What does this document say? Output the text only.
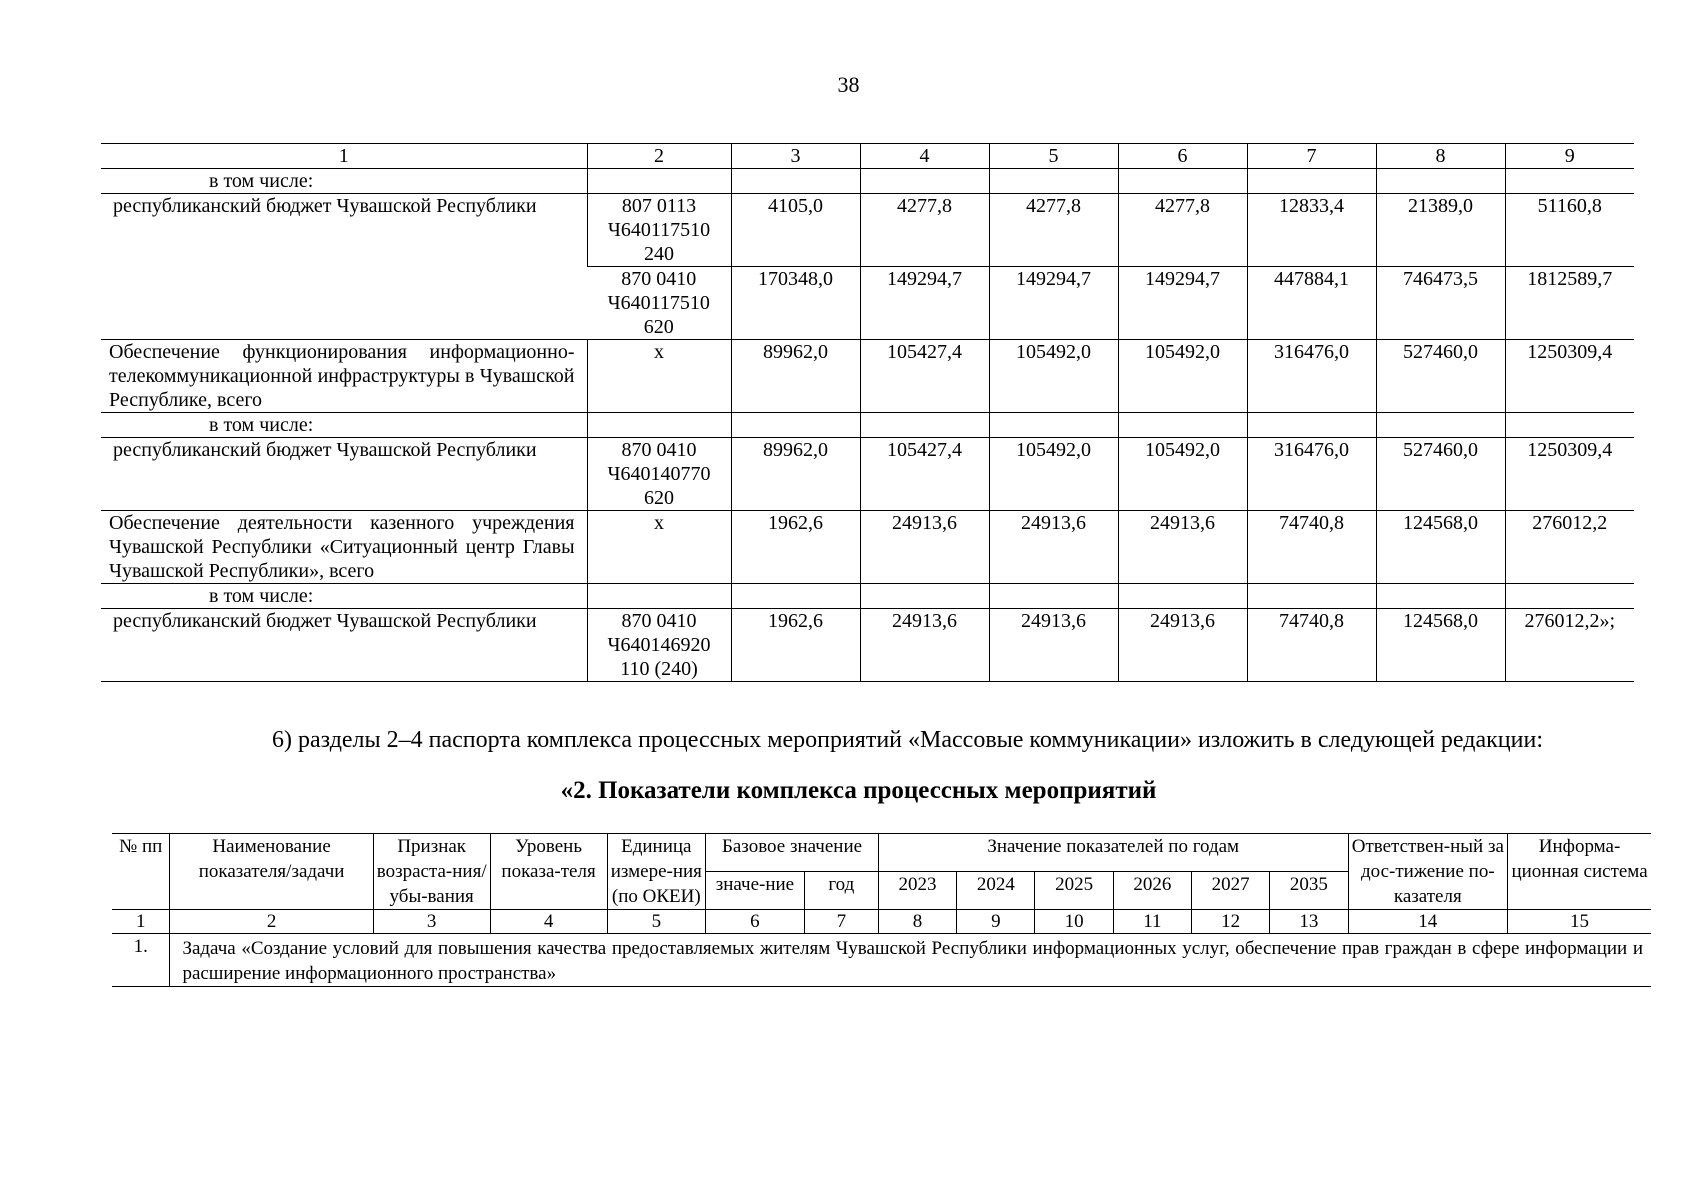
38
1	2	3	4	5	6	7	8	9
в том числе:								
республиканский бюджет Чувашской Республики	807 0113 Ч640117510 240	4105,0	4277,8	4277,8	4277,8	12833,4	21389,0	51160,8
	870 0410 Ч640117510 620	170348,0	149294,7	149294,7	149294,7	447884,1	746473,5	1812589,7
Обеспечение функционирования информационно-телекоммуникационной инфраструктуры в Чувашской Республике, всего	х	89962,0	105427,4	105492,0	105492,0	316476,0	527460,0	1250309,4
в том числе:								
республиканский бюджет Чувашской Республики	870 0410 Ч640140770 620	89962,0	105427,4	105492,0	105492,0	316476,0	527460,0	1250309,4
Обеспечение деятельности казенного учреждения Чувашской Республики «Ситуационный центр Главы Чувашской Республики», всего	х	1962,6	24913,6	24913,6	24913,6	74740,8	124568,0	276012,2
в том числе:								
республиканский бюджет Чувашской Республики	870 0410 Ч640146920 110 (240)	1962,6	24913,6	24913,6	24913,6	74740,8	124568,0	276012,2»;
6) разделы 2–4 паспорта комплекса процессных мероприятий «Массовые коммуникации» изложить в следующей редакции:
«2. Показатели комплекса процессных мероприятий
№ пп	Наименование показателя/задачи	Признак возраста-ния/убы-вания	Уровень показа-теля	Единица измере-ния (по ОКЕИ)	Базовое значение		Значение показателей по годам						Ответствен-ный за дос-тижение по-казателя	Информа-ционная система
					значе-ние	год	2023	2024	2025	2026	2027	2035		
1	2	3	4	5	6	7	8	9	10	11	12	13	14	15
1.	Задача «Создание условий для повышения качества предоставляемых жителям Чувашской Республики информационных услуг, обеспечение прав граждан в сфере информации и расширение информационного пространства»													
